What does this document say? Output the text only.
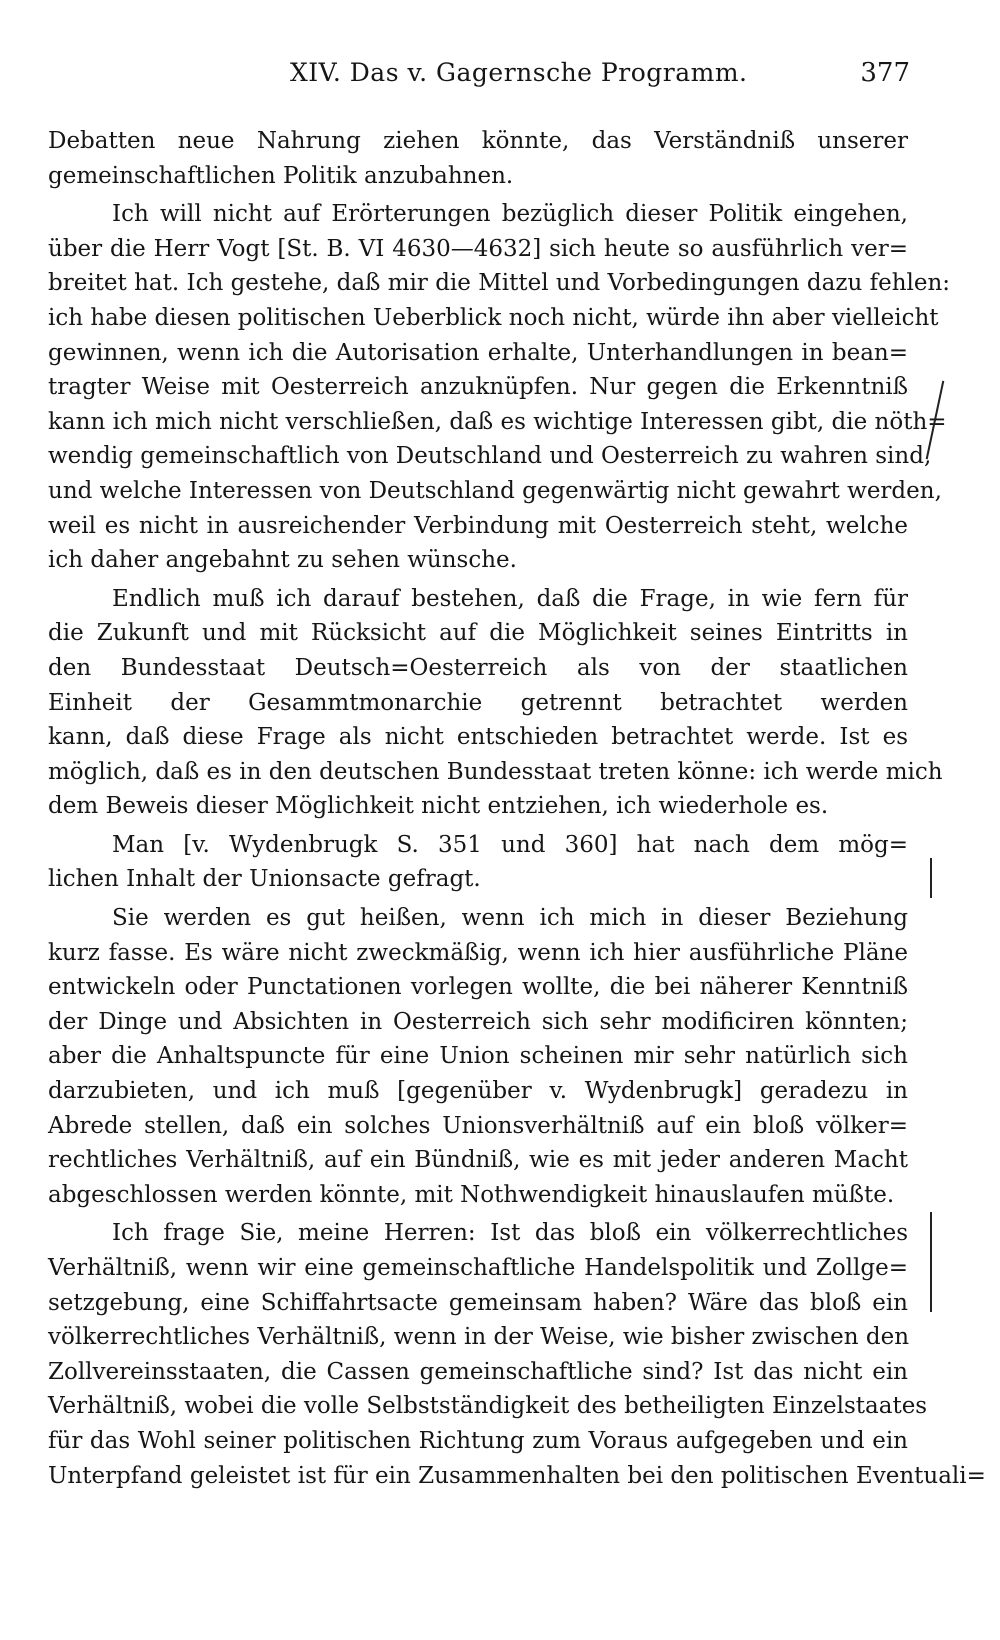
XIV. Das v. Gagernsche Programm.	377
Debatten neue Nahrung ziehen könnte, das Verständniß unserer
gemeinschaftlichen Politik anzubahnen.
Ich will nicht auf Erörterungen bezüglich dieser Politik eingehen,
über die Herr Vogt [St. B. VI 4630—4632] sich heute so ausführlich ver=
breitet hat. Ich gestehe, daß mir die Mittel und Vorbedingungen dazu fehlen:
ich habe diesen politischen Ueberblick noch nicht, würde ihn aber vielleicht
gewinnen, wenn ich die Autorisation erhalte, Unterhandlungen in bean=
tragter Weise mit Oesterreich anzuknüpfen. Nur gegen die Erkenntniß
kann ich mich nicht verschließen, daß es wichtige Interessen gibt, die nöth=
wendig gemeinschaftlich von Deutschland und Oesterreich zu wahren sind,
und welche Interessen von Deutschland gegenwärtig nicht gewahrt werden,
weil es nicht in ausreichender Verbindung mit Oesterreich steht, welche
ich daher angebahnt zu sehen wünsche.
Endlich muß ich darauf bestehen, daß die Frage, in wie fern für
die Zukunft und mit Rücksicht auf die Möglichkeit seines Eintritts in
den Bundesstaat Deutsch=Oesterreich als von der staatlichen
Einheit der Gesammtmonarchie getrennt betrachtet werden
kann, daß diese Frage als nicht entschieden betrachtet werde. Ist es
möglich, daß es in den deutschen Bundesstaat treten könne: ich werde mich
dem Beweis dieser Möglichkeit nicht entziehen, ich wiederhole es.
Man [v. Wydenbrugk S. 351 und 360] hat nach dem mög=
lichen Inhalt der Unionsacte gefragt.
Sie werden es gut heißen, wenn ich mich in dieser Beziehung
kurz fasse. Es wäre nicht zweckmäßig, wenn ich hier ausführliche Pläne
entwickeln oder Punctationen vorlegen wollte, die bei näherer Kenntniß
der Dinge und Absichten in Oesterreich sich sehr modificiren könnten;
aber die Anhaltspuncte für eine Union scheinen mir sehr natürlich sich
darzubieten, und ich muß [gegenüber v. Wydenbrugk] geradezu in
Abrede stellen, daß ein solches Unionsverhältniß auf ein bloß völker=
rechtliches Verhältniß, auf ein Bündniß, wie es mit jeder anderen Macht
abgeschlossen werden könnte, mit Nothwendigkeit hinauslaufen müßte.
Ich frage Sie, meine Herren: Ist das bloß ein völkerrechtliches
Verhältniß, wenn wir eine gemeinschaftliche Handelspolitik und Zollge=
setzgebung, eine Schiffahrtsacte gemeinsam haben? Wäre das bloß ein
völkerrechtliches Verhältniß, wenn in der Weise, wie bisher zwischen den
Zollvereinsstaaten, die Cassen gemeinschaftliche sind? Ist das nicht ein
Verhältniß, wobei die volle Selbstständigkeit des betheiligten Einzelstaates
für das Wohl seiner politischen Richtung zum Voraus aufgegeben und ein
Unterpfand geleistet ist für ein Zusammenhalten bei den politischen Eventuali=
